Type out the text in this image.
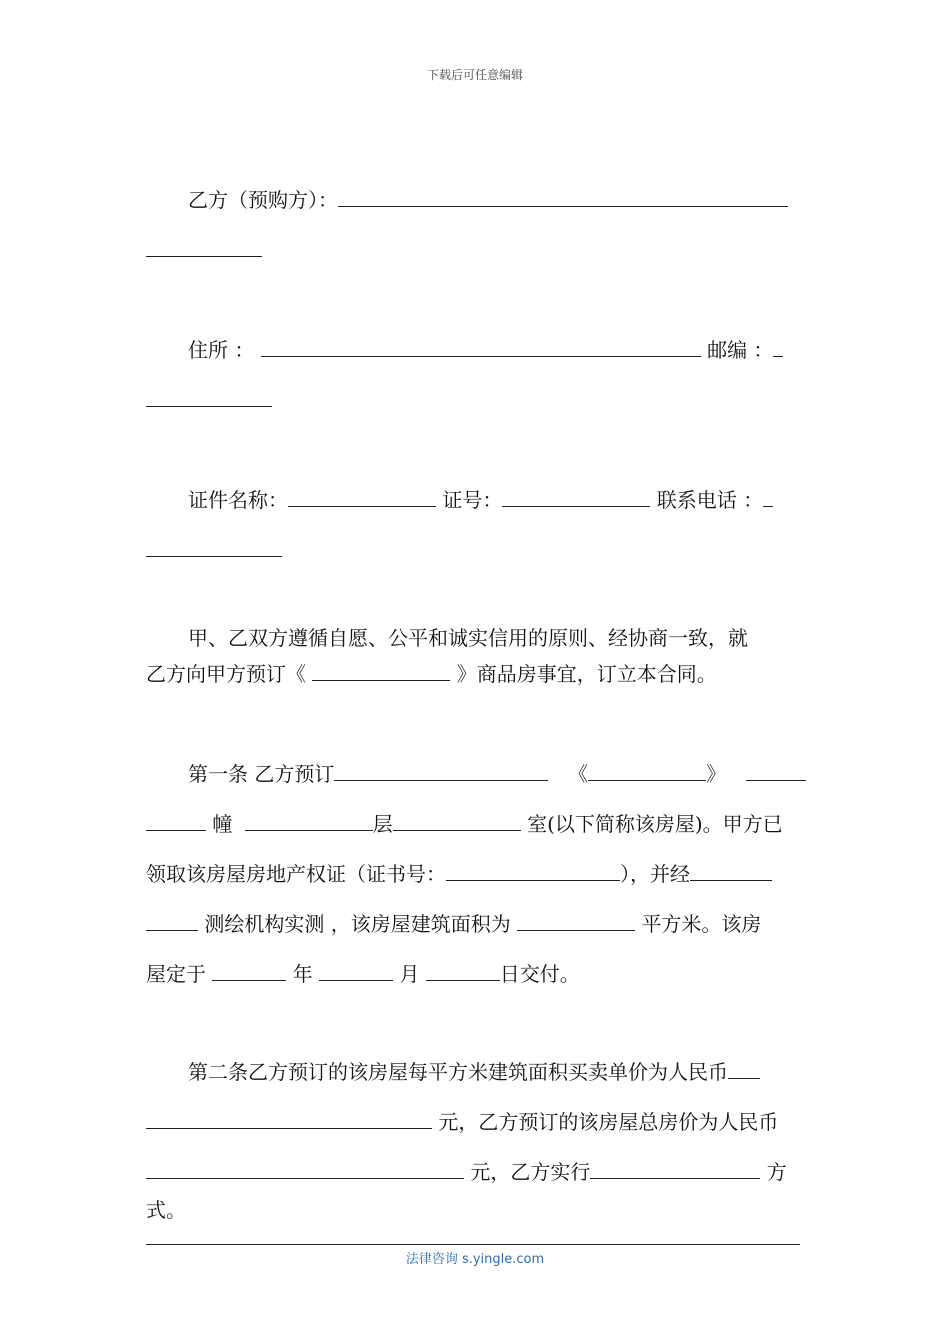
下载后可任意编辑
乙方（预购方）：
住所 ：	邮编 ：
证件名称：	证号：	联系电话 ：
甲、乙双方遵循自愿、公平和诚实信用的原则、经协商一致，就
乙方向甲方预订《	》商品房事宜，订立本合同。
第一条 乙方预订	《	》
幢	层	室(以下简称该房屋)。甲方已
领取该房屋房地产权证（证书号：	），并经
测绘机构实测 ，该房屋建筑面积为	平方米。该房
屋定于	年	月	日交付。
第二条乙方预订的该房屋每平方米建筑面积买卖单价为人民币
元，乙方预订的该房屋总房价为人民币
元，乙方实行	方
式。
法律咨询 s.yingle.com
